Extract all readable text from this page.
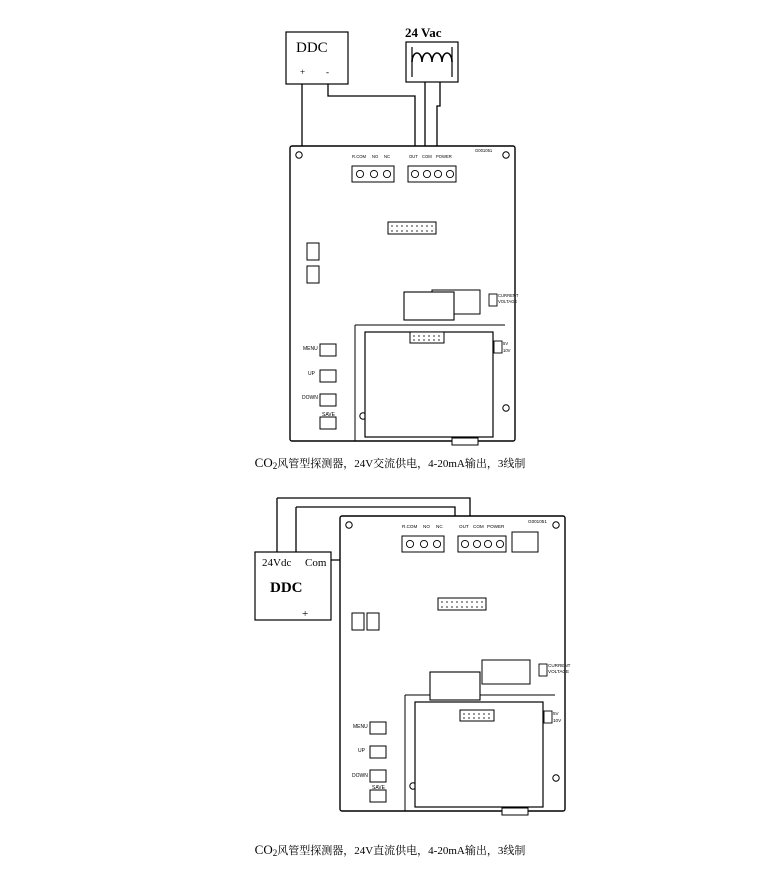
R.COM NO NC	OUT COM POWER
G001051
CURRENT
VOLTAGE
5V
10V
MENU
UP
DOWN
SAVE
R.COM NO NC	OUT COM POWER
G001051
CURRENT
VOLTAGE
5V
10V
MENU
UP
DOWN
SAVE
DDC
+ -
24 Vac
24Vdc Com
DDC
+
$CO_2$风管型探测器，24V交流供电，4-20mA输出，3线制
$CO_2$风管型探测器，24V直流供电，4-20mA输出，3线制
